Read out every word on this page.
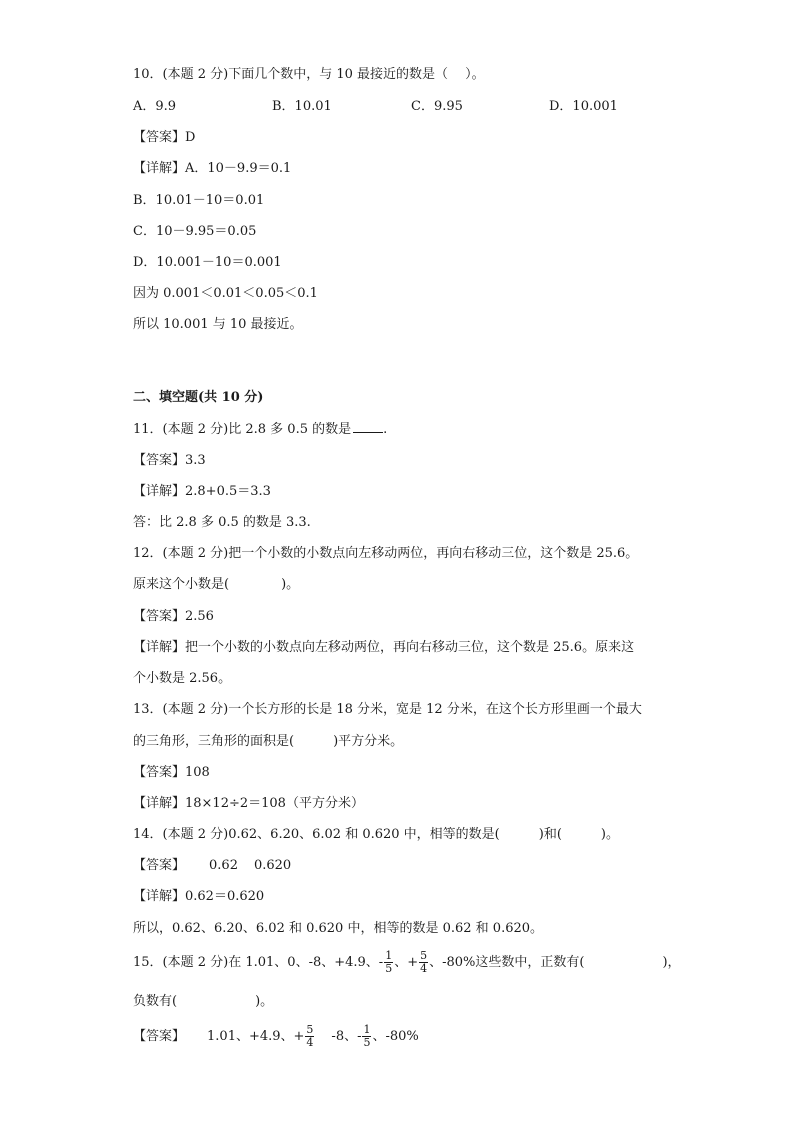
10．(本题 2 分)下面几个数中，与 10 最接近的数是（　 ）。
A．9.9	B．10.01	C．9.95	D．10.001
【答案】D
【详解】A．10－9.9＝0.1
B．10.01－10＝0.01
C．10－9.95＝0.05
D．10.001－10＝0.001
因为 0.001＜0.01＜0.05＜0.1
所以 10.001 与 10 最接近。
二、填空题(共 10 分)
11．(本题 2 分)比 2.8 多 0.5 的数是 .
【答案】3.3
【详解】2.8+0.5＝3.3
答：比 2.8 多 0.5 的数是 3.3.
12．(本题 2 分)把一个小数的小数点向左移动两位，再向右移动三位，这个数是 25.6。
原来这个小数是(　　　　)。
【答案】2.56
【详解】把一个小数的小数点向左移动两位，再向右移动三位，这个数是 25.6。原来这
个小数是 2.56。
13．(本题 2 分)一个长方形的长是 18 分米，宽是 12 分米，在这个长方形里画一个最大
的三角形，三角形的面积是(　　　)平方分米。
【答案】108
【详解】18×12÷2＝108（平方分米）
14．(本题 2 分)0.62、6.20、6.02 和 0.620 中，相等的数是(　　　)和(　　　)。
【答案】 0.62 0.620
【详解】0.62＝0.620
所以，0.62、6.20、6.02 和 0.620 中，相等的数是 0.62 和 0.620。
15．(本题 2 分)在 1.01、0、-8、+4.9、- $\frac{1}{5}$ 、+ $\frac{5}{4}$ 、-80%这些数中，正数有(　　　　　　)，
负数有(　　　　　　)。
【答案】 1.01、+4.9、+ $\frac{5}{4} -8$、- $\frac{1}{5}$ 、-80%
